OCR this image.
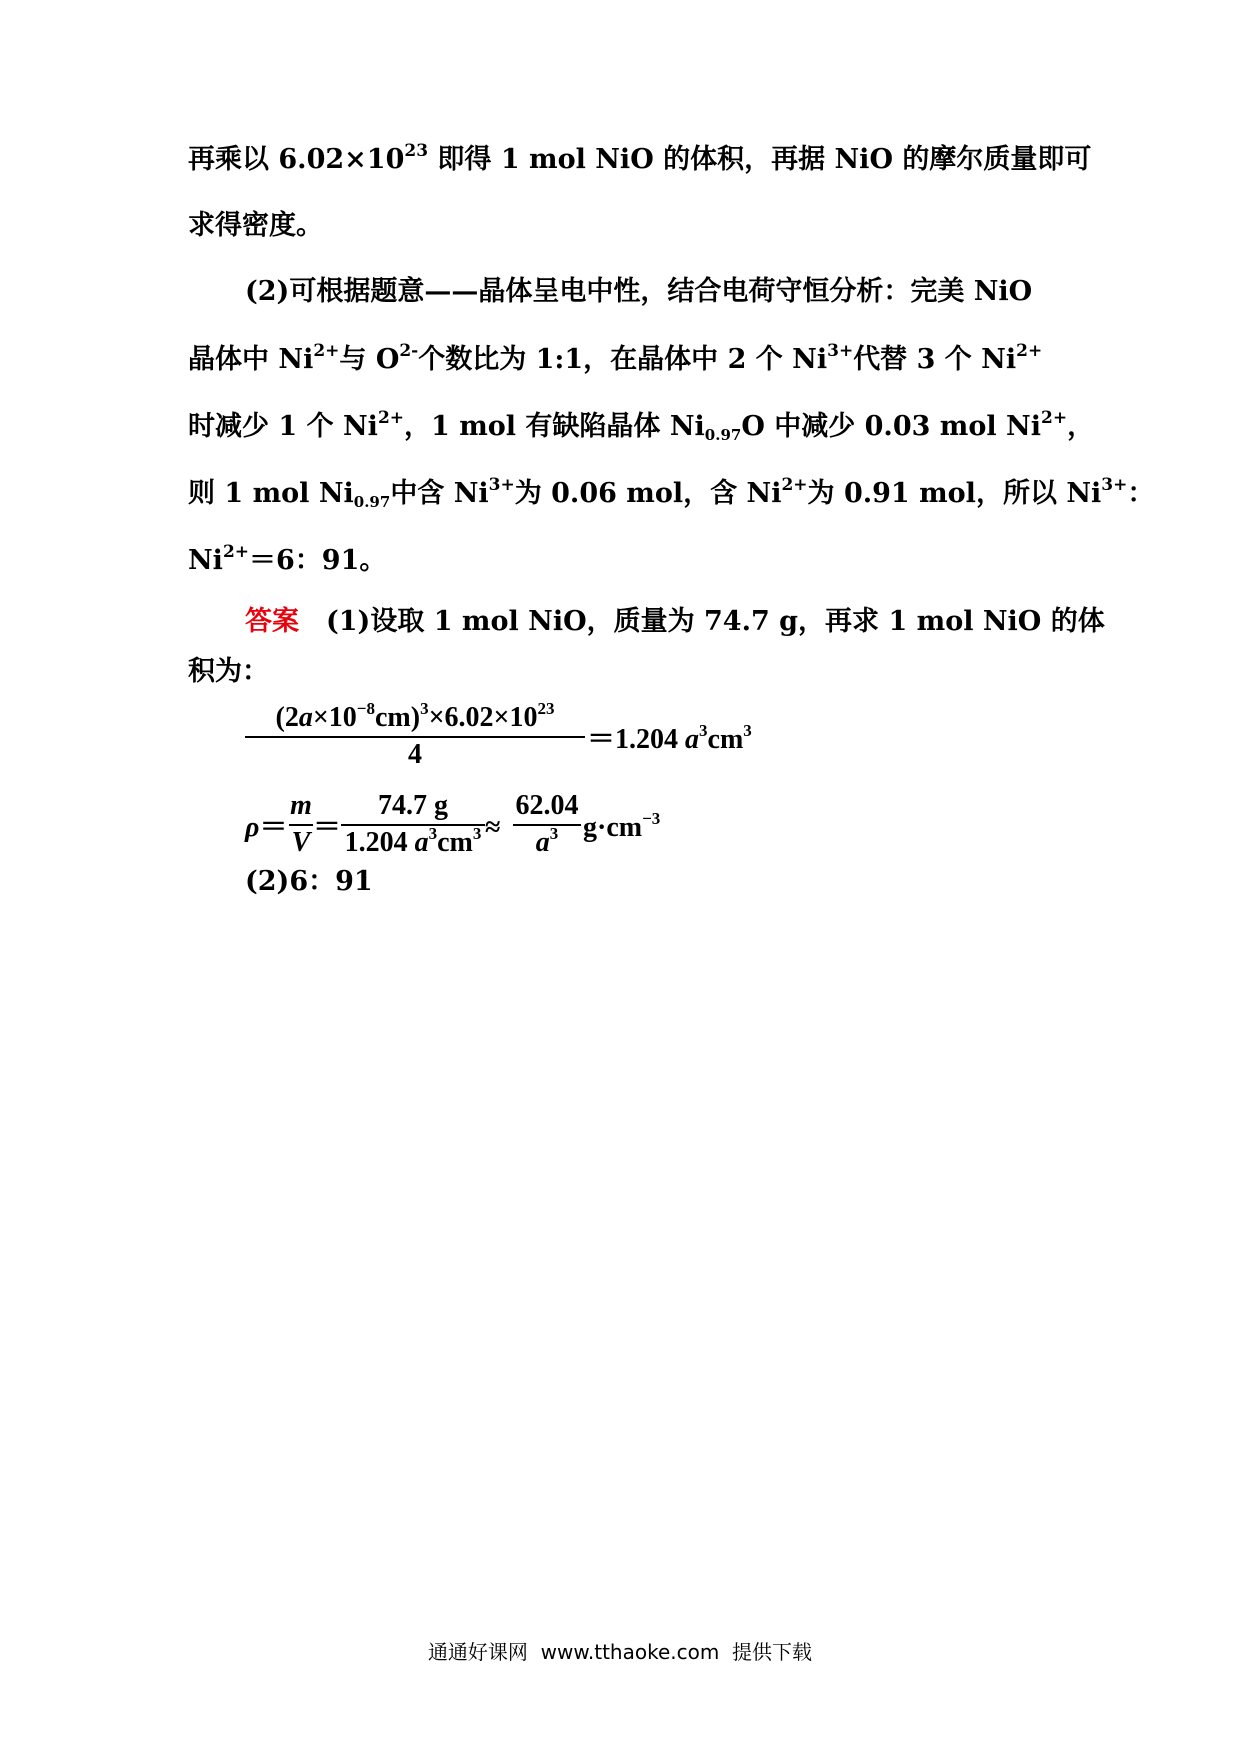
再乘以 $6.02\times 10^{23}$ 即得 1 mol NiO 的体积，再据 NiO 的摩尔质量即可
求得密度。
(2)可根据题意——晶体呈电中性，结合电荷守恒分析：完美 NiO
晶体中 $Ni^{2+}$与 $O^{2-}$个数比为 1:1，在晶体中 2 个 $Ni^{3+}$代替 3 个 $Ni^{2+}$
时减少 1 个 $Ni^{2+}$，1 mol 有缺陷晶体 $Ni_{0.97}O$ 中减少 0.03 mol $Ni^{2+}$，
则 1 mol $Ni_{0.97}$中含 $Ni^{3+}$为 0.06 mol，含 $Ni^{2+}$为 0.91 mol，所以 $Ni^{3+}$：
$Ni^{2+}=6$：91。
答案　(1)设取 1 mol NiO，质量为 74.7 g，再求 1 mol NiO 的体
积为：
$(2a\times 10^{-8}cm)^3\times 6.02\times 10^{23}$
4	＝1.204 $a^3cm^3$
ρ＝
m
V ＝
74.7 g
1.204 $a^3cm^3$ ≈
62.04
$a^3$ $g\cdot cm^{-3}$
(2)6：91
通通好课网  www.tthaoke.com  提供下载
